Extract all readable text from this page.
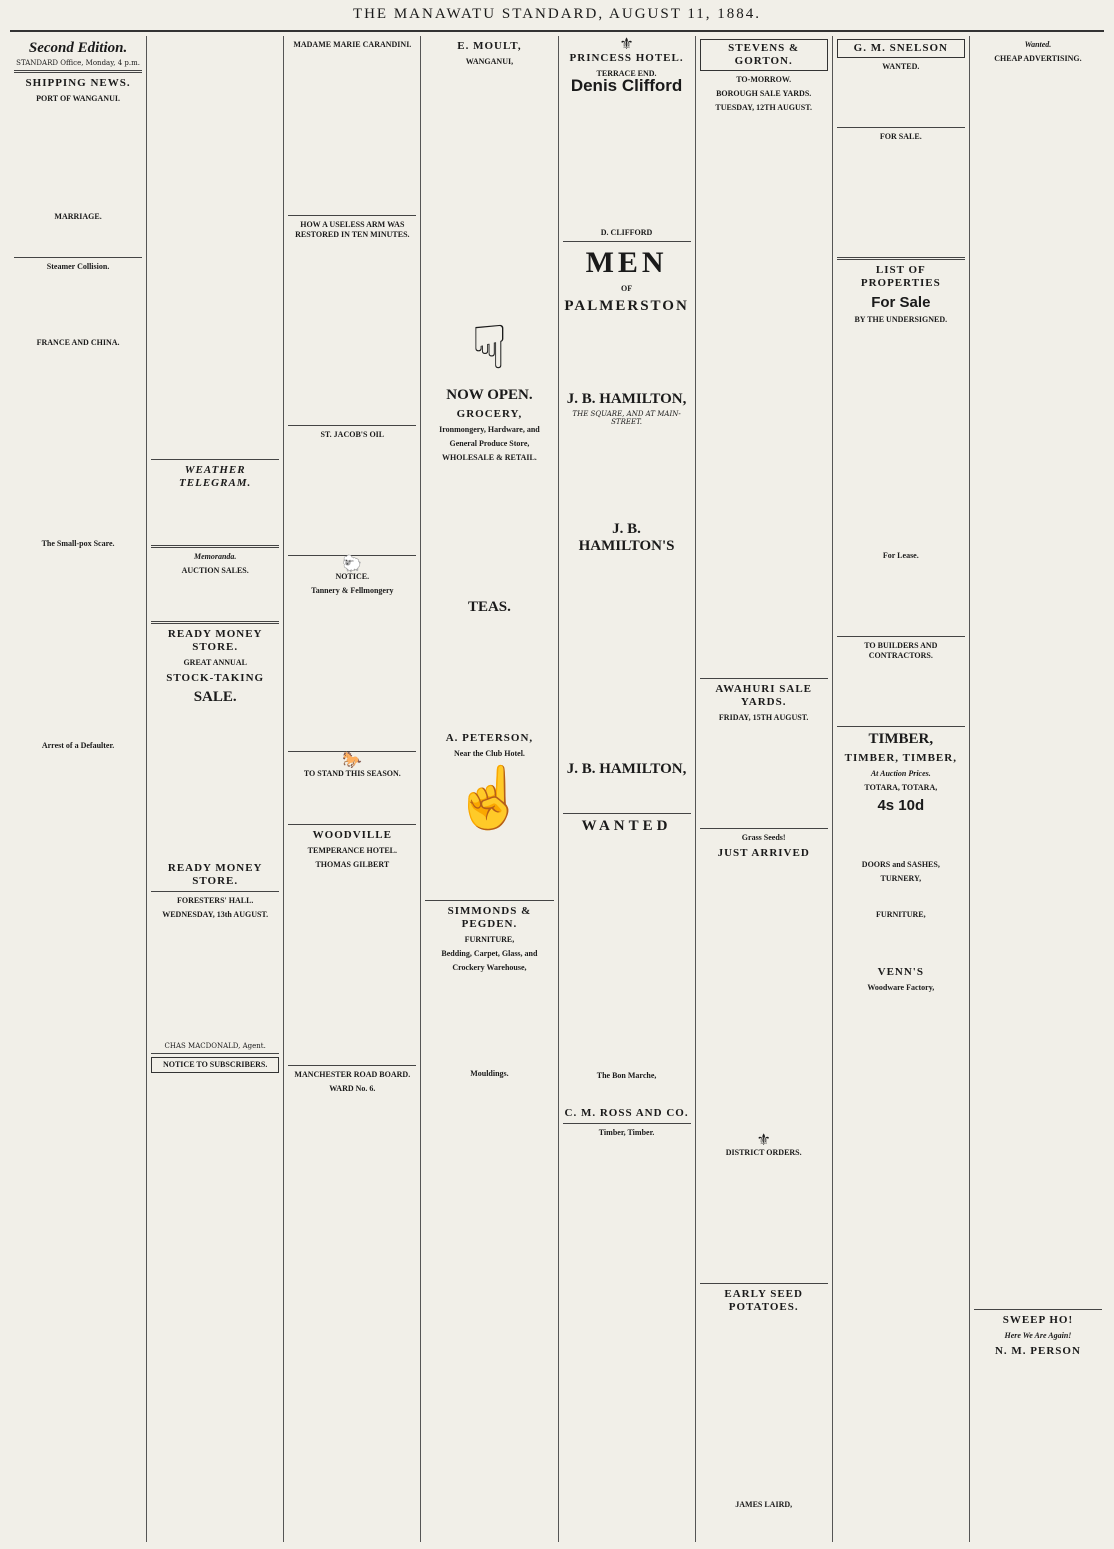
THE MANAWATU STANDARD, AUGUST 11, 1884.
Second Edition.
STANDARD Office, Monday, 4 p.m.
SHIPPING NEWS.
PORT OF WANGANUI.

MARRIAGE.

Steamer Collision.

FRANCE AND CHINA.

The Small-pox Scare.

Arrest of a Defaulter.
WEATHER TELEGRAM.
Memoranda.
AUCTION SALES.
READY MONEY STORE.
GREAT ANNUAL
STOCK-TAKING
SALE.
READY MONEY STORE.
FORESTERS' HALL.
WEDNESDAY, 13th AUGUST.
CHAS MACDONALD, Agent.
NOTICE TO SUBSCRIBERS.
MADAME MARIE CARANDINI.
HOW A USELESS ARM WAS RESTORED IN TEN MINUTES.
ST. JACOB'S OIL
🐑
NOTICE.
Tannery & Fellmongery
🐎
TO STAND THIS SEASON.
WOODVILLE
TEMPERANCE HOTEL.
THOMAS GILBERT
MANCHESTER ROAD BOARD.
WARD No. 6.
E. MOULT,
WANGANUI,
☟
NOW OPEN.
GROCERY,
Ironmongery, Hardware, and
General Produce Store,
WHOLESALE & RETAIL.
TEAS.
A. PETERSON,
Near the Club Hotel.
☝
SIMMONDS & PEGDEN.
FURNITURE,
Bedding, Carpet, Glass, and
Crockery Warehouse,
Mouldings.
⚜
PRINCESS HOTEL.
TERRACE END.
Denis Clifford
D. CLIFFORD
MEN
OF
PALMERSTON
J. B. HAMILTON,
THE SQUARE, AND AT MAIN-STREET.
J. B. HAMILTON'S
J. B. HAMILTON,
WANTED
The Bon Marche,
C. M. ROSS AND CO.
Timber, Timber.
STEVENS & GORTON.
TO-MORROW.
BOROUGH SALE YARDS.
TUESDAY, 12TH AUGUST.
AWAHURI SALE YARDS.
FRIDAY, 15TH AUGUST.
Grass Seeds!
JUST ARRIVED
⚜
DISTRICT ORDERS.
EARLY SEED POTATOES.
JAMES LAIRD,
G. M. SNELSON
WANTED.
FOR SALE.
LIST OF PROPERTIES
For Sale
BY THE UNDERSIGNED.
For Lease.
TO BUILDERS AND CONTRACTORS.
TIMBER,
TIMBER, TIMBER,
At Auction Prices.
TOTARA, TOTARA,
4s 10d
DOORS and SASHES,
TURNERY,
FURNITURE,
VENN'S
Woodware Factory,
Wanted.
CHEAP ADVERTISING.
SWEEP HO!
Here We Are Again!
N. M. PERSON
